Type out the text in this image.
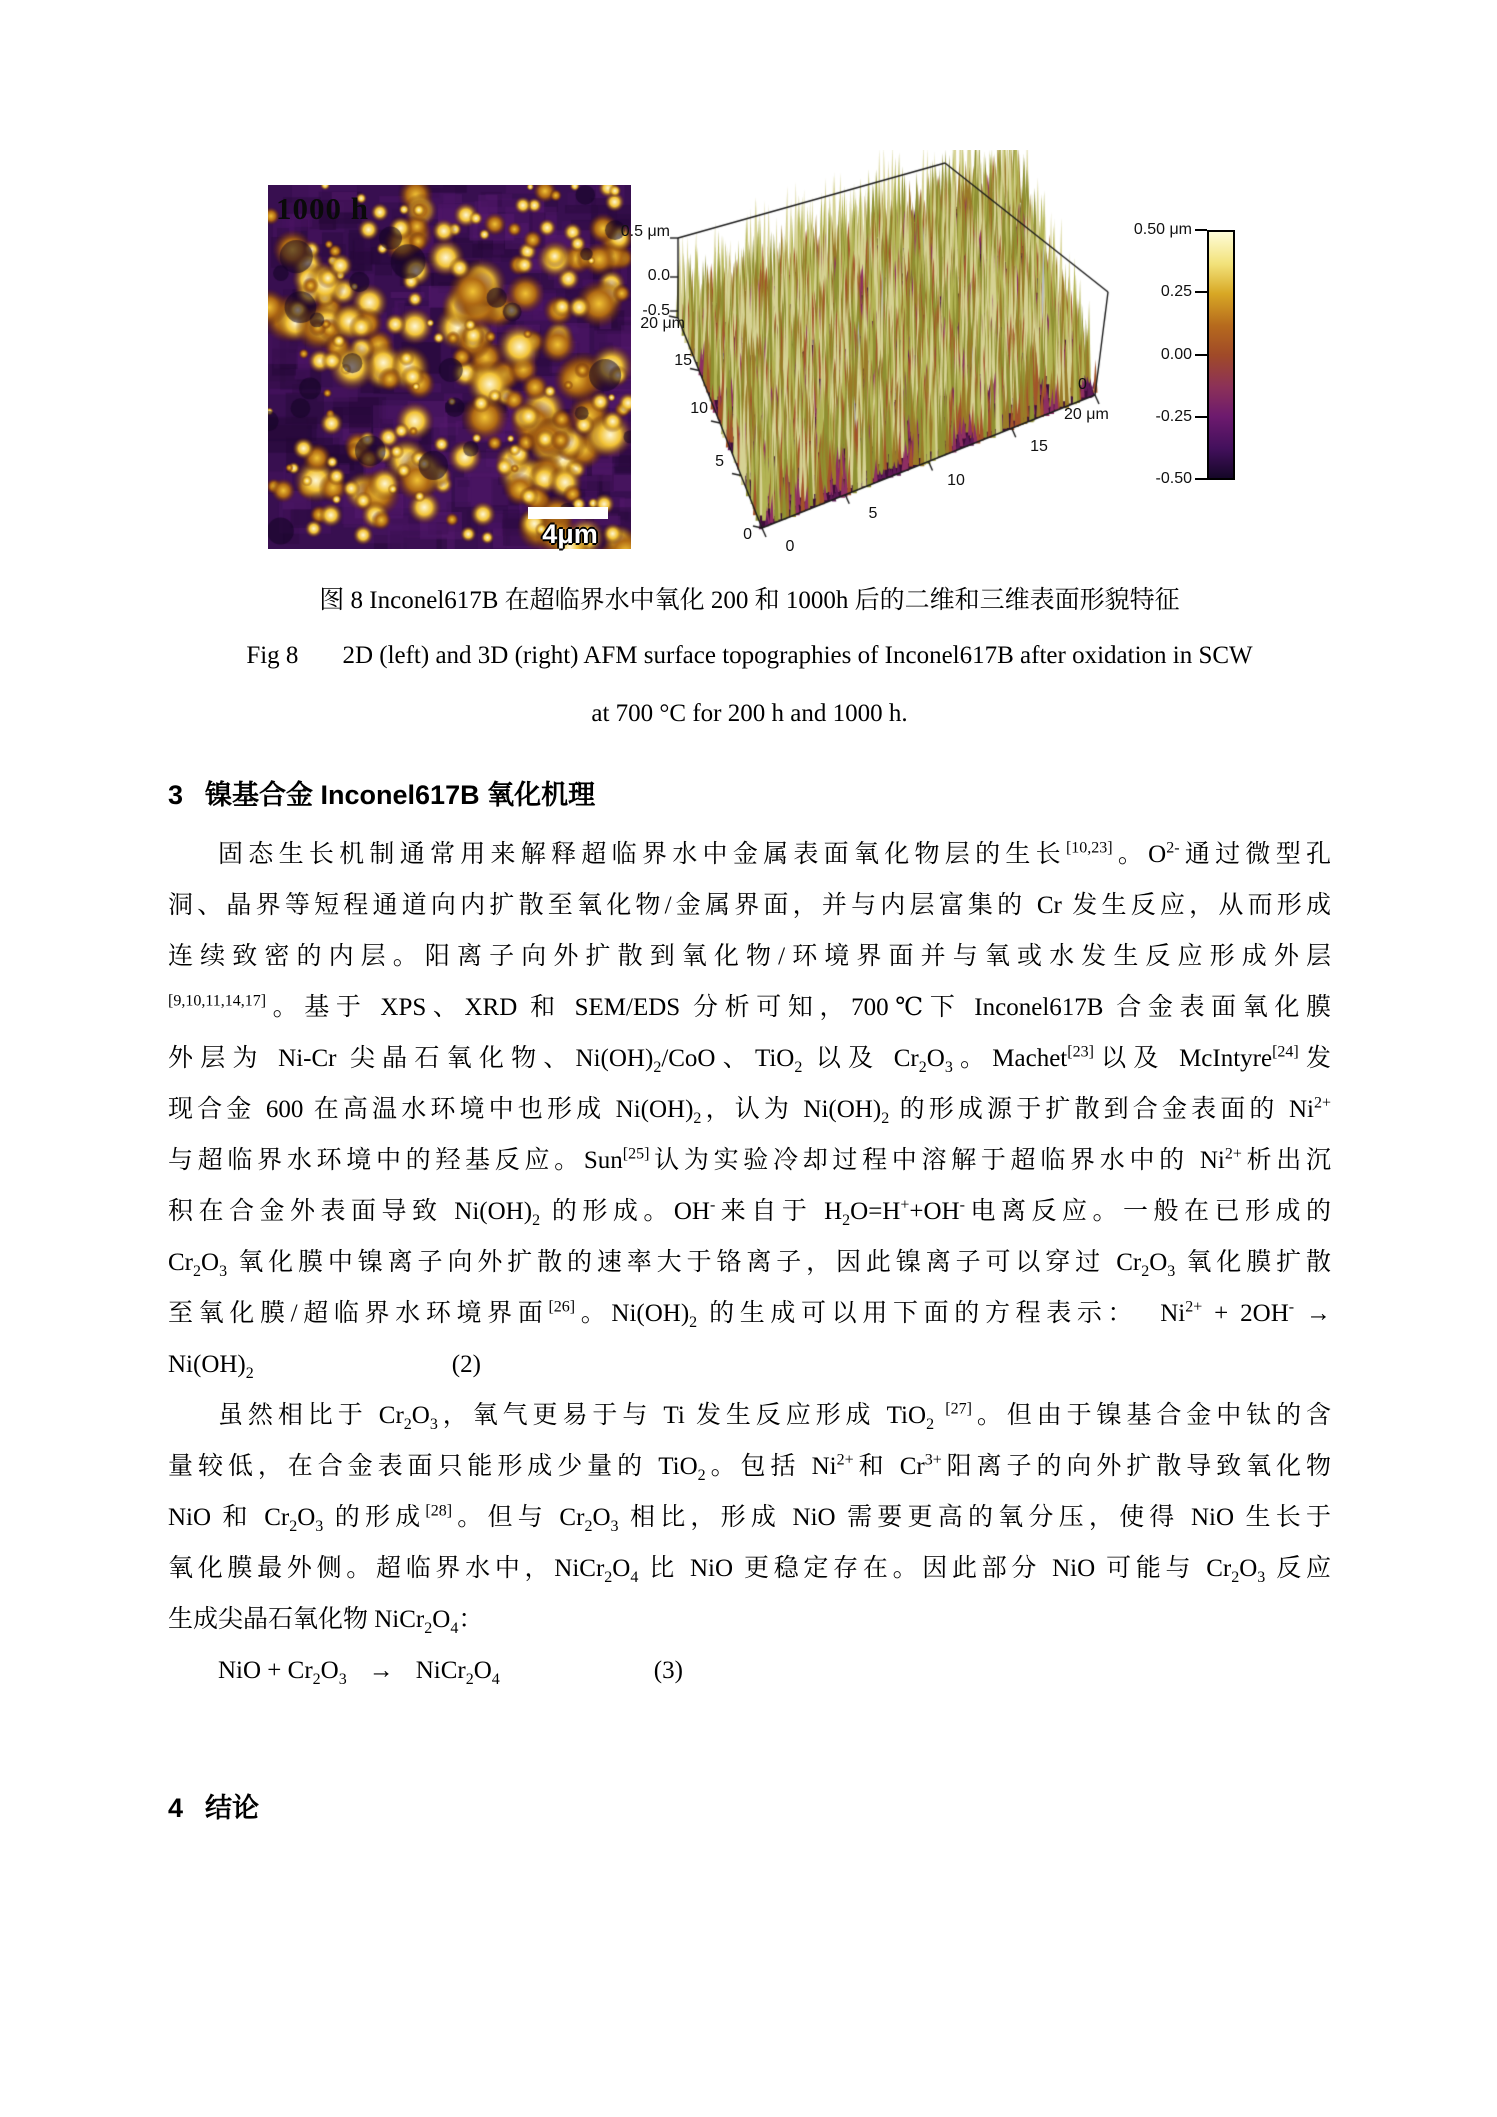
1000 h
4μm
0.5 μm
0.0
-0.5
20 μm
15
10
5
0
0
5
10
15
0
20 μm
0.50 μm
0.25
0.00
-0.25
-0.50
图 8 Inconel617B 在超临界水中氧化 200 和 1000h 后的二维和三维表面形貌特征
Fig 8 2D (left) and 3D (right) AFM surface topographies of Inconel617B after oxidation in SCW
at 700 °C for 200 h and 1000 h.
3 镍基合金 Inconel617B 氧化机理
固态生长机制通常用来解释超临界水中金属表面氧化物层的生长[10,23]。$O^{2-}$通过微型孔
洞、晶界等短程通道向内扩散至氧化物/金属界面，并与内层富集的 Cr 发生反应，从而形成
连续致密的内层。阳离子向外扩散到氧化物/环境界面并与氧或水发生反应形成外层
[9,10,11,14,17]。基于 XPS、XRD 和 SEM/EDS 分析可知，700℃下 Inconel617B 合金表面氧化膜
外层为 Ni-Cr 尖晶石氧化物、$Ni(OH)_2$/CoO、TiO$_2$ 以及 $Cr_2O_3$。Machet[23]以及 McIntyre[24]发
现合金 600 在高温水环境中也形成 $Ni(OH)_2$，认为 $Ni(OH)_2$ 的形成源于扩散到合金表面的 $Ni^{2+}$
与超临界水环境中的羟基反应。Sun[25]认为实验冷却过程中溶解于超临界水中的 $Ni^{2+}$析出沉
积在合金外表面导致 $Ni(OH)_2$ 的形成。OH-来自于 $H_2O=H^++OH^-$电离反应。一般在已形成的
$Cr_2O_3$ 氧化膜中镍离子向外扩散的速率大于铬离子，因此镍离子可以穿过 $Cr_2O_3$ 氧化膜扩散
至氧化膜/超临界水环境界面[26]。$Ni(OH)_2$ 的生成可以用下面的方程表示： $Ni^{2+} + 2OH^-$ →
$Ni(OH)_2$	(2)
虽然相比于 $Cr_2O_3$，氧气更易于与 Ti 发生反应形成 TiO$_2$ [27]。但由于镍基合金中钛的含
量较低，在合金表面只能形成少量的 TiO$_2$。包括 $Ni^{2+}$和 $Cr^{3+}$阳离子的向外扩散导致氧化物
NiO 和 $Cr_2O_3$ 的形成[28]。但与 $Cr_2O_3$ 相比，形成 NiO 需要更高的氧分压，使得 NiO 生长于
氧化膜最外侧。超临界水中，$NiCr_2O_4$ 比 NiO 更稳定存在。因此部分 NiO 可能与 $Cr_2O_3$ 反应
生成尖晶石氧化物 $NiCr_2O_4$：
NiO + $Cr_2O_3$ → $NiCr_2O_4$	(3)
4 结论
